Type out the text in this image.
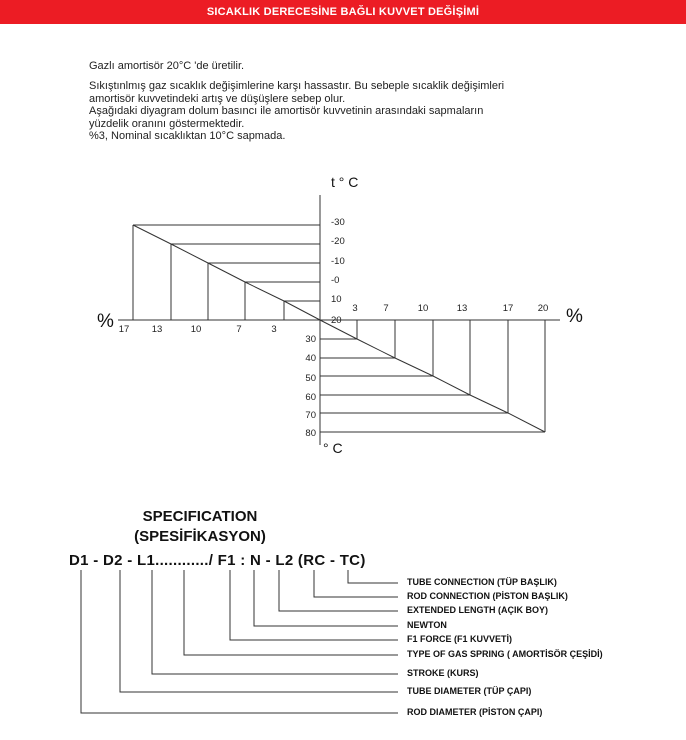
SICAKLIK DERECESİNE BAĞLI KUVVET DEĞİŞİMİ

Gazlı amortisör 20°C 'de üretilir.

Sıkıştınlmış gaz sıcaklık değişimlerine karşı hassastır. Bu sebeple sıcaklik değişimleri

amortisör kuvvetindeki artış ve düşüşlere sebep olur.

Aşağıdaki diyagram dolum basıncı ile amortisör kuvvetinin arasındaki sapmaların

yüzdelik oranını göstermektedir.

%3, Nominal sıcaklıktan 10°C sapmada.

-30
-20
-10
-0
10
20
30
40
50
60
70
80
17 13	10	7	3
3	7	10	13	17	20
t ° C
° C
%	%
SPECIFICATION
(SPESİFİKASYON)
D1 - D2 - L1............/ F1 : N - L2 (RC - TC)
TUBE CONNECTION (TÜP BAŞLIK)
ROD CONNECTION (PİSTON BAŞLIK)
EXTENDED LENGTH (AÇIK BOY)
NEWTON
F1 FORCE (F1 KUVVETİ)
TYPE OF GAS SPRING ( AMORTİSÖR ÇEŞİDİ)
STROKE (KURS)
TUBE DIAMETER (TÜP ÇAPI)
ROD DIAMETER (PİSTON ÇAPI)
